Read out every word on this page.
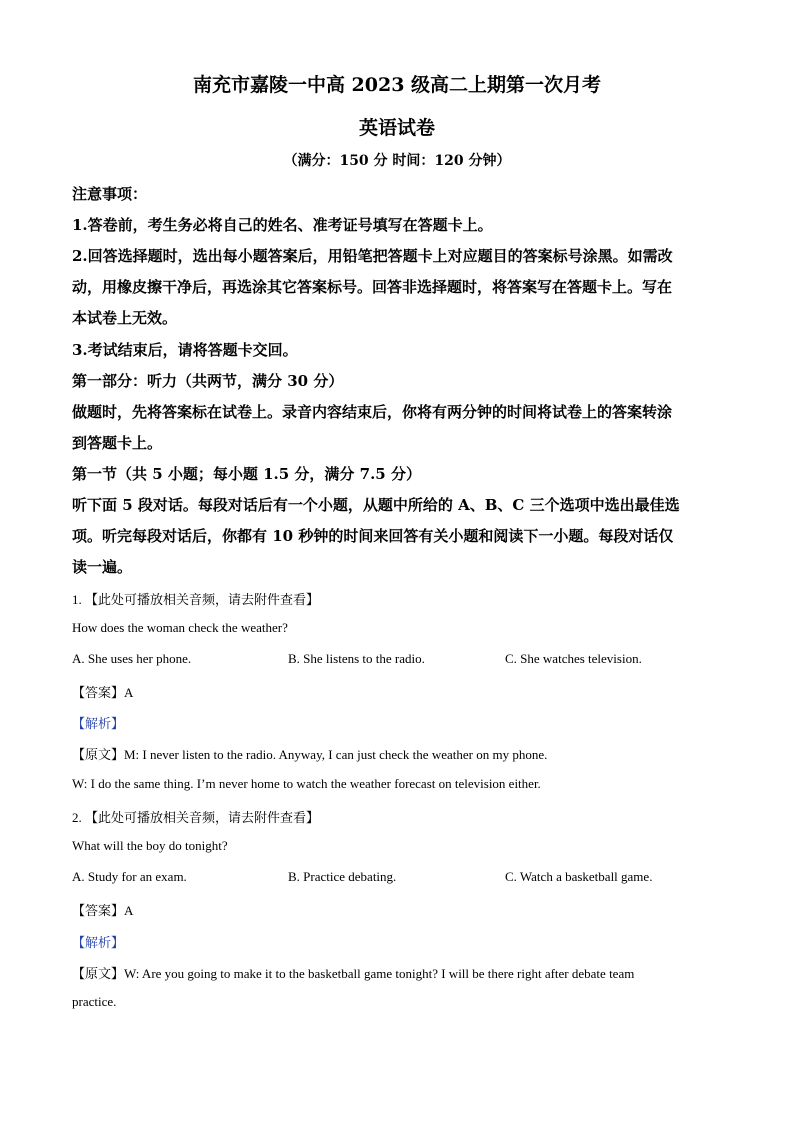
南充市嘉陵一中高 2023 级高二上期第一次月考
英语试卷
（满分：150 分 时间：120 分钟）
注意事项：
1.答卷前，考生务必将自己的姓名、准考证号填写在答题卡上。
2.回答选择题时，选出每小题答案后，用铅笔把答题卡上对应题目的答案标号涂黑。如需改
动，用橡皮擦干净后，再选涂其它答案标号。回答非选择题时，将答案写在答题卡上。写在
本试卷上无效。
3.考试结束后，请将答题卡交回。
第一部分：听力（共两节，满分 30 分）
做题时，先将答案标在试卷上。录音内容结束后，你将有两分钟的时间将试卷上的答案转涂
到答题卡上。
第一节（共 5 小题；每小题 1.5 分，满分 7.5 分）
听下面 5 段对话。每段对话后有一个小题，从题中所给的 A、B、C 三个选项中选出最佳选
项。听完每段对话后，你都有 10 秒钟的时间来回答有关小题和阅读下一小题。每段对话仅
读一遍。
1. 【此处可播放相关音频，请去附件查看】
How does the woman check the weather?
A. She uses her phone.	B. She listens to the radio.	C. She watches television.
【答案】A
【解析】
【原文】M: I never listen to the radio. Anyway, I can just check the weather on my phone.
W: I do the same thing. I’m never home to watch the weather forecast on television either.
2. 【此处可播放相关音频，请去附件查看】
What will the boy do tonight?
A. Study for an exam.	B. Practice debating.	C. Watch a basketball game.
【答案】A
【解析】
【原文】W: Are you going to make it to the basketball game tonight? I will be there right after debate team
practice.
